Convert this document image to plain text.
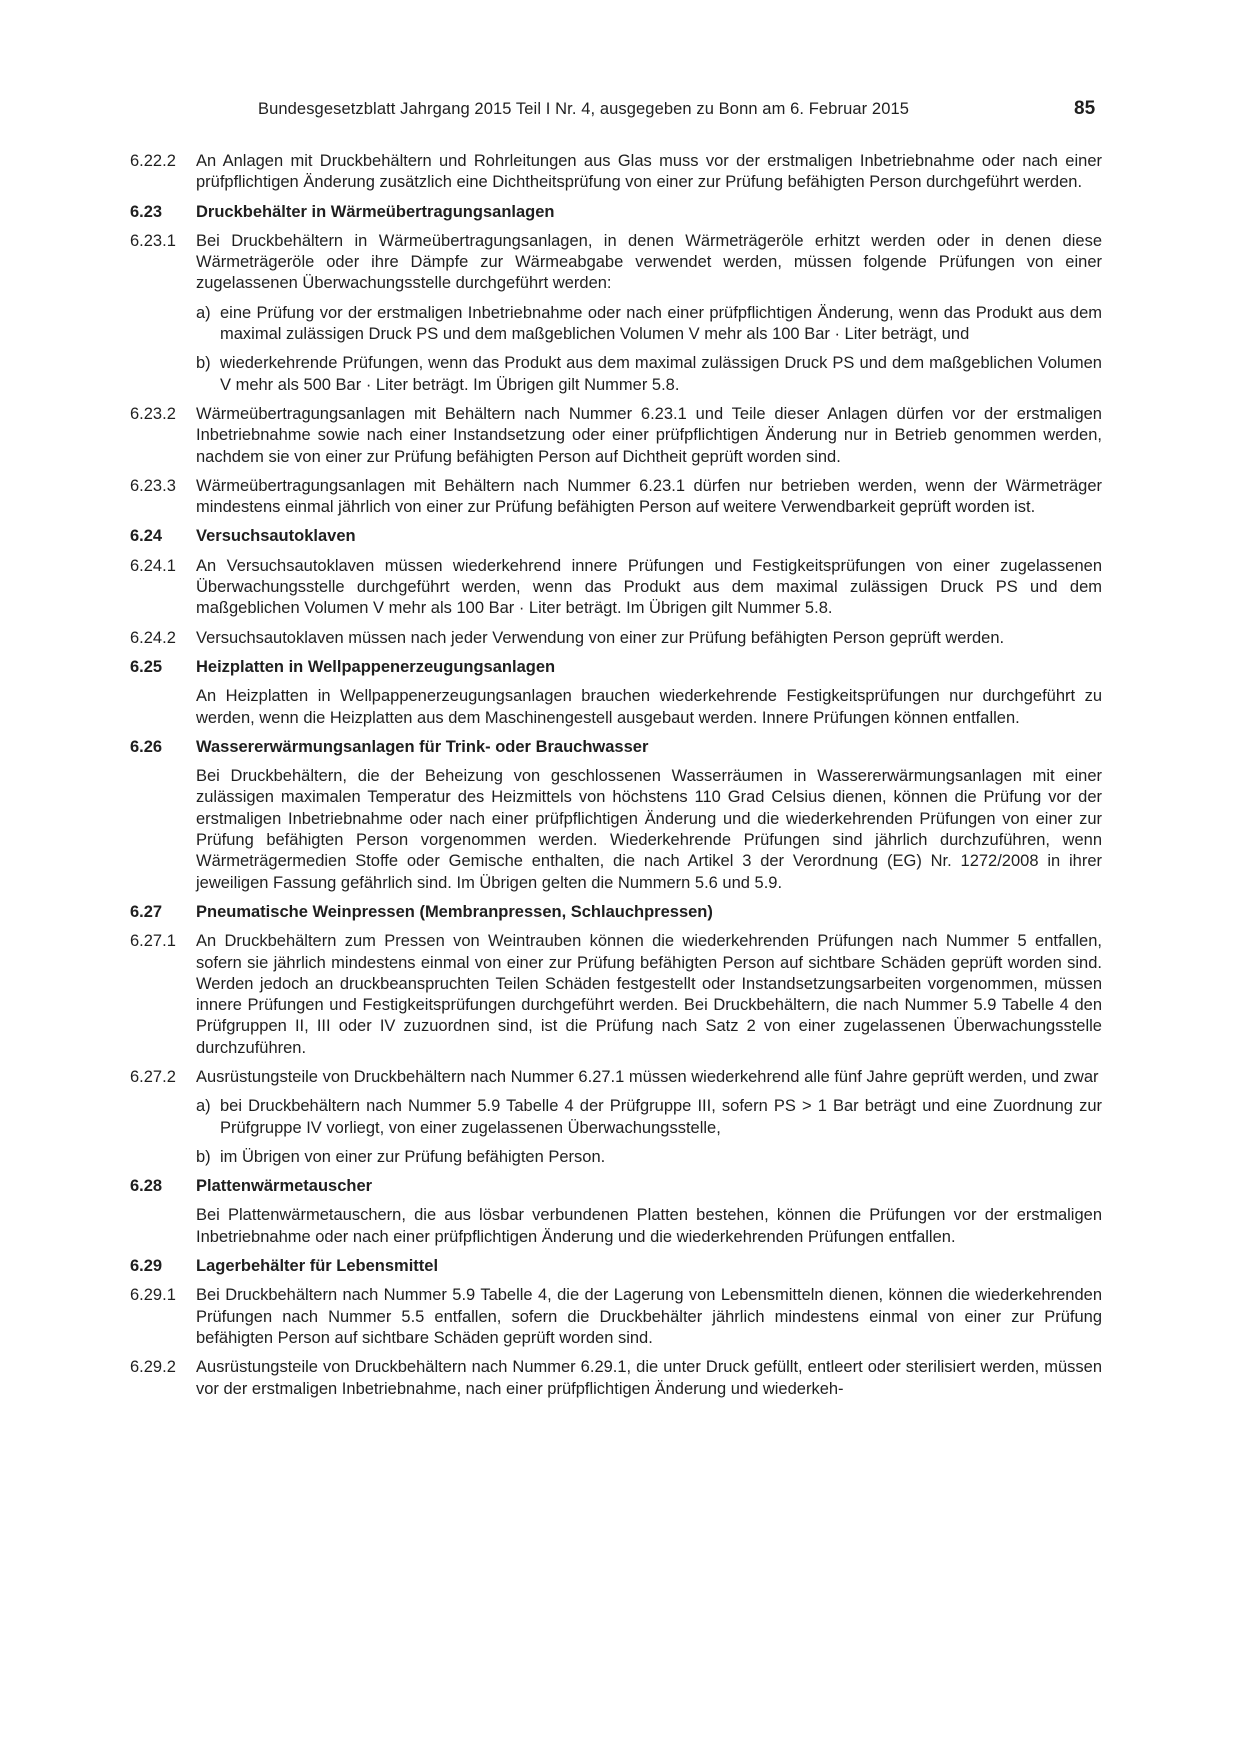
Bundesgesetzblatt Jahrgang 2015 Teil I Nr. 4, ausgegeben zu Bonn am 6. Februar 2015	85
6.22.2	An Anlagen mit Druckbehältern und Rohrleitungen aus Glas muss vor der erstmaligen Inbetriebnahme oder nach einer prüfpflichtigen Änderung zusätzlich eine Dichtheitsprüfung von einer zur Prüfung befähigten Person durchgeführt werden.
6.23	Druckbehälter in Wärmeübertragungsanlagen
6.23.1	Bei Druckbehältern in Wärmeübertragungsanlagen, in denen Wärmeträgeröle erhitzt werden oder in denen diese Wärmeträgeröle oder ihre Dämpfe zur Wärmeabgabe verwendet werden, müssen folgende Prüfungen von einer zugelassenen Überwachungsstelle durchgeführt werden:
a) eine Prüfung vor der erstmaligen Inbetriebnahme oder nach einer prüfpflichtigen Änderung, wenn das Produkt aus dem maximal zulässigen Druck PS und dem maßgeblichen Volumen V mehr als 100 Bar · Liter beträgt, und
b) wiederkehrende Prüfungen, wenn das Produkt aus dem maximal zulässigen Druck PS und dem maßgeblichen Volumen V mehr als 500 Bar · Liter beträgt. Im Übrigen gilt Nummer 5.8.
6.23.2	Wärmeübertragungsanlagen mit Behältern nach Nummer 6.23.1 und Teile dieser Anlagen dürfen vor der erstmaligen Inbetriebnahme sowie nach einer Instandsetzung oder einer prüfpflichtigen Änderung nur in Betrieb genommen werden, nachdem sie von einer zur Prüfung befähigten Person auf Dichtheit geprüft worden sind.
6.23.3	Wärmeübertragungsanlagen mit Behältern nach Nummer 6.23.1 dürfen nur betrieben werden, wenn der Wärmeträger mindestens einmal jährlich von einer zur Prüfung befähigten Person auf weitere Verwendbarkeit geprüft worden ist.
6.24	Versuchsautoklaven
6.24.1	An Versuchsautoklaven müssen wiederkehrend innere Prüfungen und Festigkeitsprüfungen von einer zugelassenen Überwachungsstelle durchgeführt werden, wenn das Produkt aus dem maximal zulässigen Druck PS und dem maßgeblichen Volumen V mehr als 100 Bar · Liter beträgt. Im Übrigen gilt Nummer 5.8.
6.24.2	Versuchsautoklaven müssen nach jeder Verwendung von einer zur Prüfung befähigten Person geprüft werden.
6.25	Heizplatten in Wellpappenerzeugungsanlagen
An Heizplatten in Wellpappenerzeugungsanlagen brauchen wiederkehrende Festigkeitsprüfungen nur durchgeführt zu werden, wenn die Heizplatten aus dem Maschinengestell ausgebaut werden. Innere Prüfungen können entfallen.
6.26	Wassererwärmungsanlagen für Trink- oder Brauchwasser
Bei Druckbehältern, die der Beheizung von geschlossenen Wasserräumen in Wassererwärmungsanlagen mit einer zulässigen maximalen Temperatur des Heizmittels von höchstens 110 Grad Celsius dienen, können die Prüfung vor der erstmaligen Inbetriebnahme oder nach einer prüfpflichtigen Änderung und die wiederkehrenden Prüfungen von einer zur Prüfung befähigten Person vorgenommen werden. Wiederkehrende Prüfungen sind jährlich durchzuführen, wenn Wärmeträgermedien Stoffe oder Gemische enthalten, die nach Artikel 3 der Verordnung (EG) Nr. 1272/2008 in ihrer jeweiligen Fassung gefährlich sind. Im Übrigen gelten die Nummern 5.6 und 5.9.
6.27	Pneumatische Weinpressen (Membranpressen, Schlauchpressen)
6.27.1	An Druckbehältern zum Pressen von Weintrauben können die wiederkehrenden Prüfungen nach Nummer 5 entfallen, sofern sie jährlich mindestens einmal von einer zur Prüfung befähigten Person auf sichtbare Schäden geprüft worden sind. Werden jedoch an druckbeanspruchten Teilen Schäden festgestellt oder Instandsetzungsarbeiten vorgenommen, müssen innere Prüfungen und Festigkeitsprüfungen durchgeführt werden. Bei Druckbehältern, die nach Nummer 5.9 Tabelle 4 den Prüfgruppen II, III oder IV zuzuordnen sind, ist die Prüfung nach Satz 2 von einer zugelassenen Überwachungsstelle durchzuführen.
6.27.2	Ausrüstungsteile von Druckbehältern nach Nummer 6.27.1 müssen wiederkehrend alle fünf Jahre geprüft werden, und zwar
a) bei Druckbehältern nach Nummer 5.9 Tabelle 4 der Prüfgruppe III, sofern PS > 1 Bar beträgt und eine Zuordnung zur Prüfgruppe IV vorliegt, von einer zugelassenen Überwachungsstelle,
b) im Übrigen von einer zur Prüfung befähigten Person.
6.28	Plattenwärmetauscher
Bei Plattenwärmetauschern, die aus lösbar verbundenen Platten bestehen, können die Prüfungen vor der erstmaligen Inbetriebnahme oder nach einer prüfpflichtigen Änderung und die wiederkehrenden Prüfungen entfallen.
6.29	Lagerbehälter für Lebensmittel
6.29.1	Bei Druckbehältern nach Nummer 5.9 Tabelle 4, die der Lagerung von Lebensmitteln dienen, können die wiederkehrenden Prüfungen nach Nummer 5.5 entfallen, sofern die Druckbehälter jährlich mindestens einmal von einer zur Prüfung befähigten Person auf sichtbare Schäden geprüft worden sind.
6.29.2	Ausrüstungsteile von Druckbehältern nach Nummer 6.29.1, die unter Druck gefüllt, entleert oder sterilisiert werden, müssen vor der erstmaligen Inbetriebnahme, nach einer prüfpflichtigen Änderung und wiederkeh-
